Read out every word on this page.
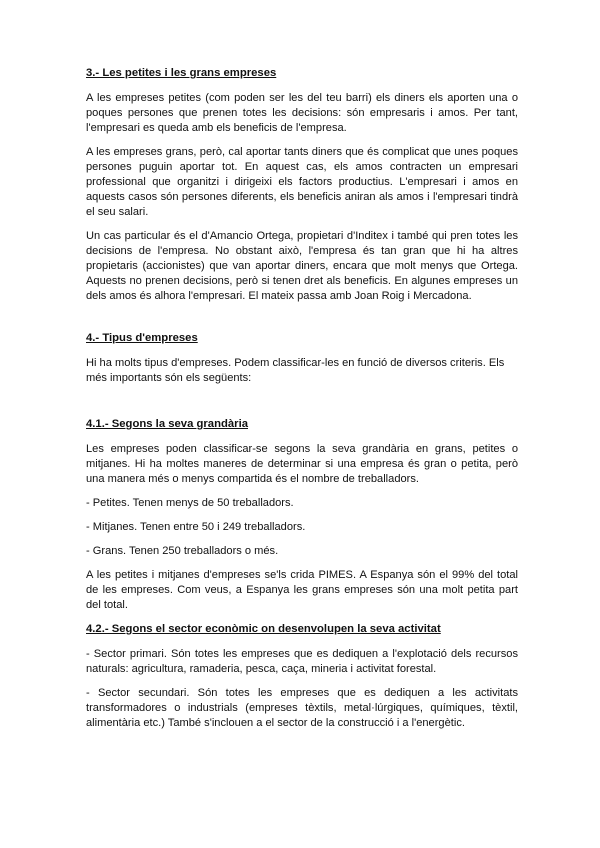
3.- Les petites i les grans empreses

A les empreses petites (com poden ser les del teu barri) els diners els aporten una o poques persones que prenen totes les decisions: són empresaris i amos. Per tant, l'empresari es queda amb els beneficis de l'empresa.

A les empreses grans, però, cal aportar tants diners que és complicat que unes poques persones puguin aportar tot. En aquest cas, els amos contracten un empresari professional que organitzi i dirigeixi els factors productius. L'empresari i amos en aquests casos són persones diferents, els beneficis aniran als amos i l'empresari tindrà el seu salari.

Un cas particular és el d'Amancio Ortega, propietari d'Inditex i també qui pren totes les decisions de l'empresa. No obstant això, l'empresa és tan gran que hi ha altres propietaris (accionistes) que van aportar diners, encara que molt menys que Ortega. Aquests no prenen decisions, però si tenen dret als beneficis. En algunes empreses un dels amos és alhora l'empresari. El mateix passa amb Joan Roig i Mercadona.

4.- Tipus d'empreses

Hi ha molts tipus d'empreses. Podem classificar-les en funció de diversos criteris. Els més importants són els següents:

4.1.- Segons la seva grandària

Les empreses poden classificar-se segons la seva grandària en grans, petites o mitjanes. Hi ha moltes maneres de determinar si una empresa és gran o petita, però una manera més o menys compartida és el nombre de treballadors.

- Petites. Tenen menys de 50 treballadors.

- Mitjanes. Tenen entre 50 i 249 treballadors.

- Grans. Tenen 250 treballadors o més.

A les petites i mitjanes d'empreses se'ls crida PIMES. A Espanya són el 99% del total de les empreses. Com veus, a Espanya les grans empreses són una molt petita part del total.

4.2.- Segons el sector econòmic on desenvolupen la seva activitat

- Sector primari. Són totes les empreses que es dediquen a l'explotació dels recursos naturals: agricultura, ramaderia, pesca, caça, mineria i activitat forestal.

- Sector secundari. Són totes les empreses que es dediquen a les activitats transformadores o industrials (empreses tèxtils, metal·lúrgiques, químiques, tèxtil, alimentària etc.) També s'inclouen a el sector de la construcció i a l'energètic.
